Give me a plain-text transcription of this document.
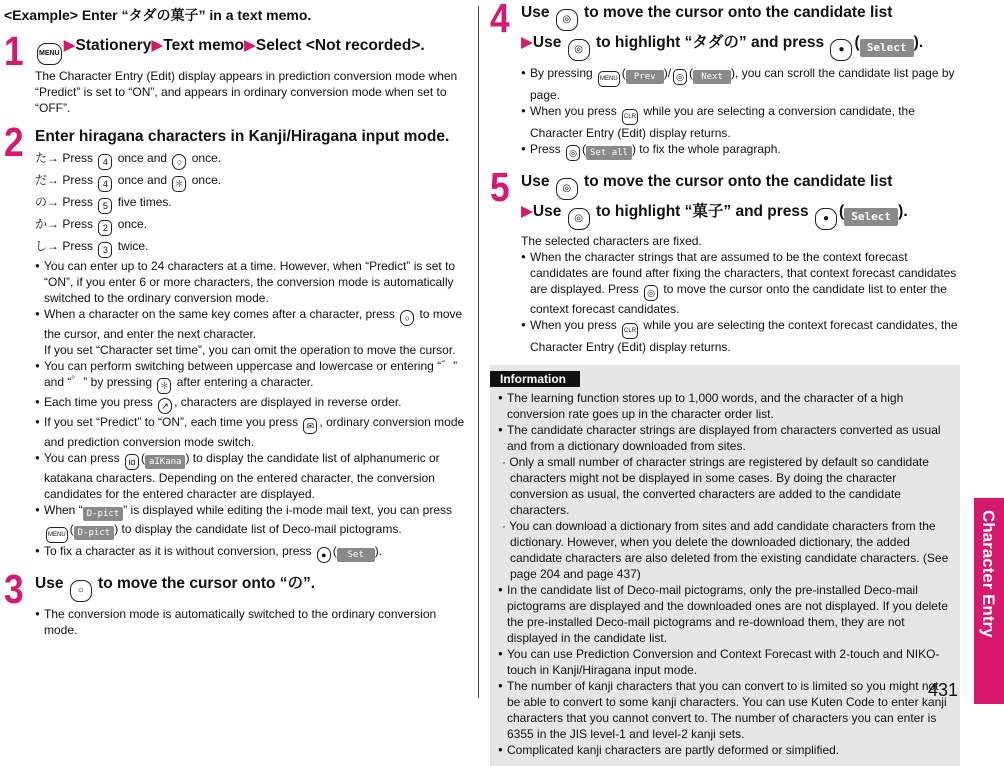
<Example> Enter “タダの菓子” in a text memo.
1	MENU ▶Stationery▶Text memo▶Select <Not recorded>.
The Character Entry (Edit) display appears in prediction conversion mode when “Predict” is set to “ON”, and appears in ordinary conversion mode when set to “OFF”.
2 Enter hiragana characters in Kanji/Hiragana input mode.
た→ Press 4 once and ○ once.
だ→ Press 4 once and ＊ once.
の→ Press 5 five times.
か→ Press 2 once.
し→ Press 3 twice.
● You can enter up to 24 characters at a time. However, when “Predict” is set to “ON”, if you enter 6 or more characters, the conversion mode is automatically switched to the ordinary conversion mode.
● When a character on the same key comes after a character, press ○ to move the cursor, and enter the next character.
If you set “Character set time”, you can omit the operation to move the cursor.
● You can perform switching between uppercase and lowercase or entering “゛” and “゜” by pressing ＊ after entering a character.
● Each time you press ↗ , characters are displayed in reverse order.
● If you set “Predict” to “ON”, each time you press ✉ , ordinary conversion mode and prediction conversion mode switch.
● You can press iα ( aIKana ) to display the candidate list of alphanumeric or katakana characters. Depending on the entered character, the conversion candidates for the entered character are displayed.
● When “ D-pict ” is displayed while editing the i-mode mail text, you can press MENU ( D-pict ) to display the candidate list of Deco-mail pictograms.
● To fix a character as it is without conversion, press ● ( Set ).
3 Use ○ to move the cursor onto “の”.
● The conversion mode is automatically switched to the ordinary conversion mode.
4 Use ◎ to move the cursor onto the candidate list
▶Use ◎ to highlight “タダの” and press ● ( Select ).
● By pressing MENU ( Prev )/ ◎ ( Next ), you can scroll the candidate list page by page.
● When you press CLR while you are selecting a conversion candidate, the Character Entry (Edit) display returns.
● Press ◎ ( Set all ) to fix the whole paragraph.
5 Use ◎ to move the cursor onto the candidate list
▶Use ◎ to highlight “菓子” and press ● ( Select ).
The selected characters are fixed.
● When the character strings that are assumed to be the context forecast candidates are found after fixing the characters, that context forecast candidates are displayed. Press ◎ to move the cursor onto the candidate list to enter the context forecast candidates.
● When you press CLR while you are selecting the context forecast candidates, the Character Entry (Edit) display returns.
Information
● The learning function stores up to 1,000 words, and the character of a high conversion rate goes up in the character order list.
● The candidate character strings are displayed from characters converted as usual and from a dictionary downloaded from sites.
· Only a small number of character strings are registered by default so candidate characters might not be displayed in some cases. By doing the character conversion as usual, the converted characters are added to the candidate characters.
· You can download a dictionary from sites and add candidate characters from the dictionary. However, when you delete the downloaded dictionary, the added candidate characters are also deleted from the existing candidate characters. (See page 204 and page 437)
● In the candidate list of Deco-mail pictograms, only the pre-installed Deco-mail pictograms are displayed and the downloaded ones are not displayed. If you delete the pre-installed Deco-mail pictograms and re-download them, they are not displayed in the candidate list.
● You can use Prediction Conversion and Context Forecast with 2-touch and NIKO-touch in Kanji/Hiragana input mode.
● The number of kanji characters that you can convert to is limited so you might not be able to convert to some kanji characters. You can use Kuten Code to enter kanji characters that you cannot convert to. The number of characters you can enter is 6355 in the JIS level-1 and level-2 kanji sets.
● Complicated kanji characters are partly deformed or simplified.
Character Entry
431
